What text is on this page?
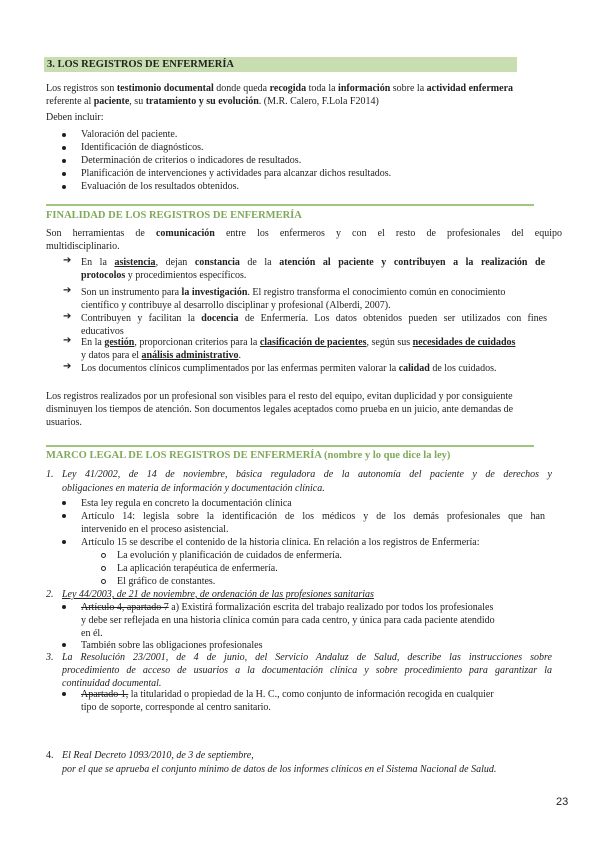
3. LOS REGISTROS DE ENFERMERÍA
Los registros son testimonio documental donde queda recogida toda la información sobre la actividad enfermera
referente al paciente, su tratamiento y su evolución. (M.R. Calero, F.Lola F2014)
Deben incluir:
Valoración del paciente.
Identificación de diagnósticos.
Determinación de criterios o indicadores de resultados.
Planificación de intervenciones y actividades para alcanzar dichos resultados.
Evaluación de los resultados obtenidos.
FINALIDAD DE LOS REGISTROS DE ENFERMERÍA
Son herramientas de comunicación entre los enfermeros y con el resto de profesionales del equipo
multidisciplinario.
➔ En la asistencia, dejan constancia de la atención al paciente y contribuyen a la realización de
protocolos y procedimientos específicos.
➔ Son un instrumento para la investigación. El registro transforma el conocimiento común en conocimiento
científico y contribuye al desarrollo disciplinar y profesional (Alberdi, 2007).
➔ Contribuyen y facilitan la docencia de Enfermería. Los datos obtenidos pueden ser utilizados con fines
educativos
➔ En la gestión, proporcionan criterios para la clasificación de pacientes, según sus necesidades de cuidados
y datos para el análisis administrativo.
➔ Los documentos clínicos cumplimentados por las enfermas permiten valorar la calidad de los cuidados.
Los registros realizados por un profesional son visibles para el resto del equipo, evitan duplicidad y por consiguiente
disminuyen los tiempos de atención. Son documentos legales aceptados como prueba en un juicio, ante demandas de
usuarios.
MARCO LEGAL DE LOS REGISTROS DE ENFERMERÍA (nombre y lo que dice la ley)
1. Ley 41/2002, de 14 de noviembre, básica reguladora de la autonomía del paciente y de derechos y
obligaciones en materia de información y documentación clínica.
Esta ley regula en concreto la documentación clínica
Artículo 14: legisla sobre la identificación de los médicos y de los demás profesionales que han
intervenido en el proceso asistencial.
Artículo 15 se describe el contenido de la historia clínica. En relación a los registros de Enfermería:
La evolución y planificación de cuidados de enfermería.
La aplicación terapéutica de enfermería.
El gráfico de constantes.
2. Ley 44/2003, de 21 de noviembre, de ordenación de las profesiones sanitarias
Artículo 4, apartado 7 a) Existirá formalización escrita del trabajo realizado por todos los profesionales
y debe ser reflejada en una historia clínica común para cada centro, y única para cada paciente atendido
en él.
También sobre las obligaciones profesionales
3. La Resolución 23/2001, de 4 de junio, del Servicio Andaluz de Salud, describe las instrucciones sobre
procedimiento de acceso de usuarios a la documentación clínica y sobre procedimiento para garantizar la
continuidad documental.
Apartado 1, la titularidad o propiedad de la H. C., como conjunto de información recogida en cualquier
tipo de soporte, corresponde al centro sanitario.
4. El Real Decreto 1093/2010, de 3 de septiembre,
por el que se aprueba el conjunto mínimo de datos de los informes clínicos en el Sistema Nacional de Salud.
23
